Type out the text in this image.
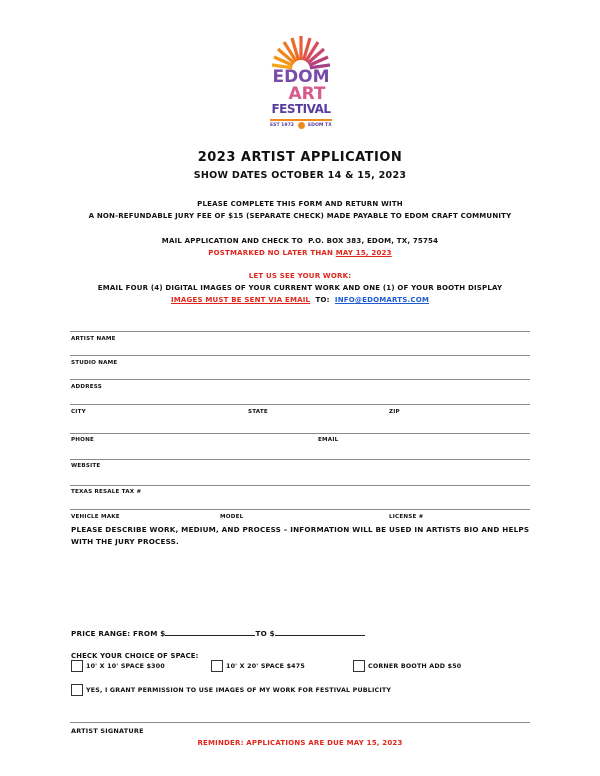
EDOM
ART
FESTIVAL
EST 1972	EDOM TX
2023 ARTIST APPLICATION
SHOW DATES OCTOBER 14 & 15, 2023
PLEASE COMPLETE THIS FORM AND RETURN WITH
A NON-REFUNDABLE JURY FEE OF $15 (SEPARATE CHECK) MADE PAYABLE TO EDOM CRAFT COMMUNITY
MAIL APPLICATION AND CHECK TO P.O. BOX 383, EDOM, TX, 75754
POSTMARKED NO LATER THAN MAY 15, 2023
LET US SEE YOUR WORK:
EMAIL FOUR (4) DIGITAL IMAGES OF YOUR CURRENT WORK AND ONE (1) OF YOUR BOOTH DISPLAY
IMAGES MUST BE SENT VIA EMAIL TO: INFO@EDOMARTS.COM
ARTIST NAME
STUDIO NAME
ADDRESS
CITY	STATE	ZIP
PHONE	EMAIL
WEBSITE
TEXAS RESALE TAX #
VEHICLE MAKE	MODEL	LICENSE #
PLEASE DESCRIBE WORK, MEDIUM, AND PROCESS – INFORMATION WILL BE USED IN ARTISTS BIO AND HELPS WITH THE JURY PROCESS.
PRICE RANGE: FROM $	TO $
CHECK YOUR CHOICE OF SPACE:
10' X 10' SPACE $300	10' X 20' SPACE $475	CORNER BOOTH ADD $50
YES, I GRANT PERMISSION TO USE IMAGES OF MY WORK FOR FESTIVAL PUBLICITY
ARTIST SIGNATURE
REMINDER: APPLICATIONS ARE DUE MAY 15, 2023
